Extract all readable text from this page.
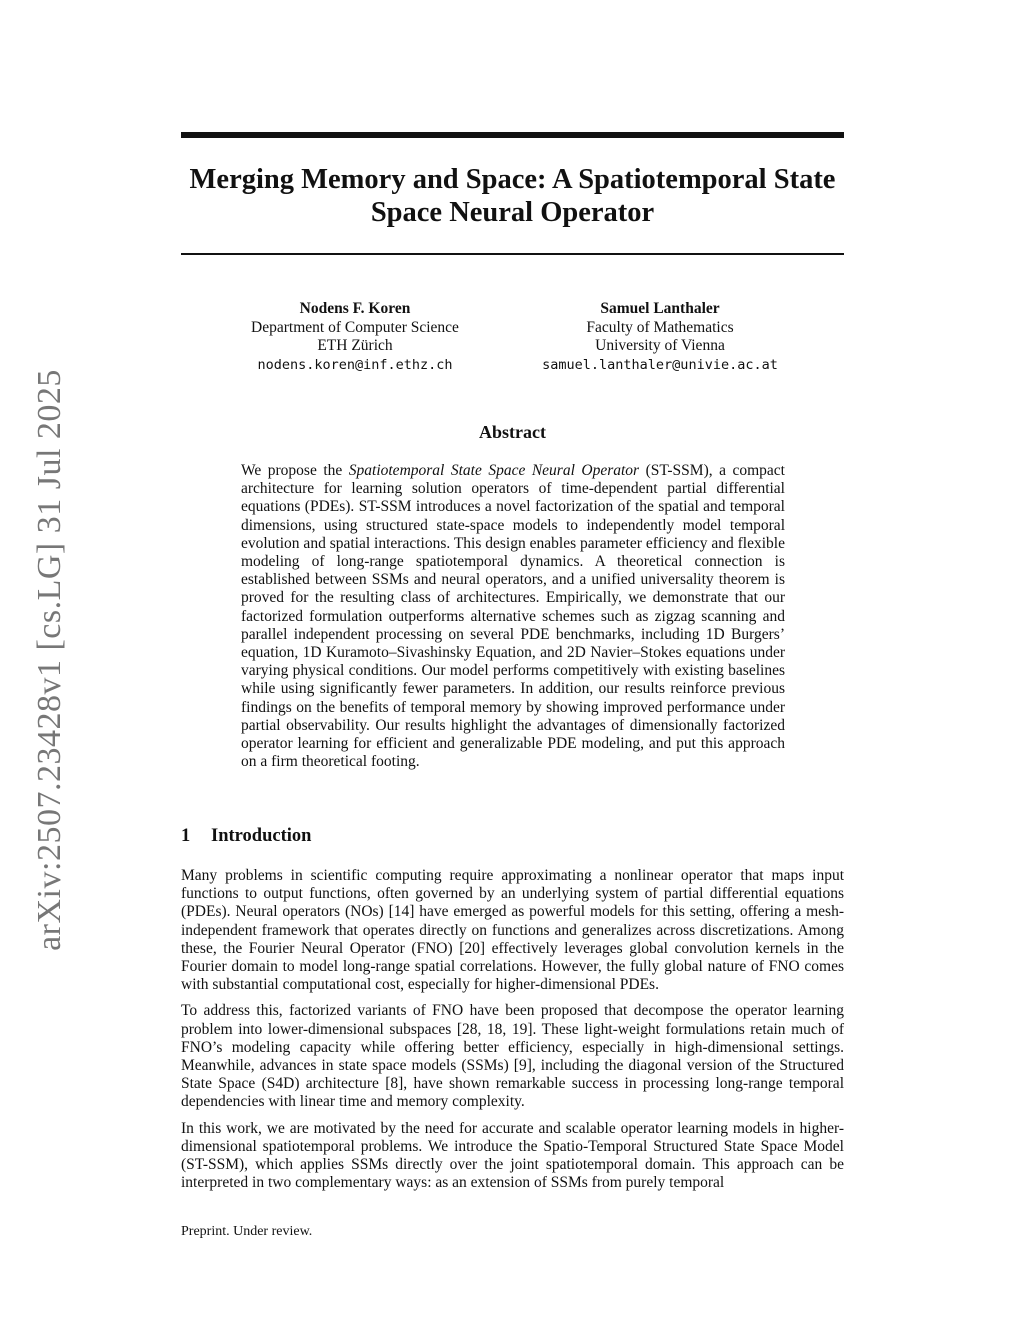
arXiv:2507.23428v1 [cs.LG] 31 Jul 2025
Merging Memory and Space: A Spatiotemporal State Space Neural Operator
Nodens F. Koren
Department of Computer Science
ETH Zürich
nodens.koren@inf.ethz.ch
Samuel Lanthaler
Faculty of Mathematics
University of Vienna
samuel.lanthaler@univie.ac.at
Abstract
We propose the Spatiotemporal State Space Neural Operator (ST-SSM), a compact architecture for learning solution operators of time-dependent partial differential equations (PDEs). ST-SSM introduces a novel factorization of the spatial and temporal dimensions, using structured state-space models to independently model temporal evolution and spatial interactions. This design enables parameter efficiency and flexible modeling of long-range spatiotemporal dynamics. A theoretical connection is established between SSMs and neural operators, and a unified universality theorem is proved for the resulting class of architectures. Empirically, we demonstrate that our factorized formulation outperforms alternative schemes such as zigzag scanning and parallel independent processing on several PDE benchmarks, including 1D Burgers’ equation, 1D Kuramoto–Sivashinsky Equation, and 2D Navier–Stokes equations under varying physical conditions. Our model performs competitively with existing baselines while using significantly fewer parameters. In addition, our results reinforce previous findings on the benefits of temporal memory by showing improved performance under partial observability. Our results highlight the advantages of dimensionally factorized operator learning for efficient and generalizable PDE modeling, and put this approach on a firm theoretical footing.
1 Introduction

Many problems in scientific computing require approximating a nonlinear operator that maps input functions to output functions, often governed by an underlying system of partial differential equations (PDEs). Neural operators (NOs) [14] have emerged as powerful models for this setting, offering a mesh-independent framework that operates directly on functions and generalizes across discretizations. Among these, the Fourier Neural Operator (FNO) [20] effectively leverages global convolution kernels in the Fourier domain to model long-range spatial correlations. However, the fully global nature of FNO comes with substantial computational cost, especially for higher-dimensional PDEs.

To address this, factorized variants of FNO have been proposed that decompose the operator learning problem into lower-dimensional subspaces [28, 18, 19]. These light-weight formulations retain much of FNO’s modeling capacity while offering better efficiency, especially in high-dimensional settings. Meanwhile, advances in state space models (SSMs) [9], including the diagonal version of the Structured State Space (S4D) architecture [8], have shown remarkable success in processing long-range temporal dependencies with linear time and memory complexity.

In this work, we are motivated by the need for accurate and scalable operator learning models in higher-dimensional spatiotemporal problems. We introduce the Spatio-Temporal Structured State Space Model (ST-SSM), which applies SSMs directly over the joint spatiotemporal domain. This approach can be interpreted in two complementary ways: as an extension of SSMs from purely temporal

Preprint. Under review.
